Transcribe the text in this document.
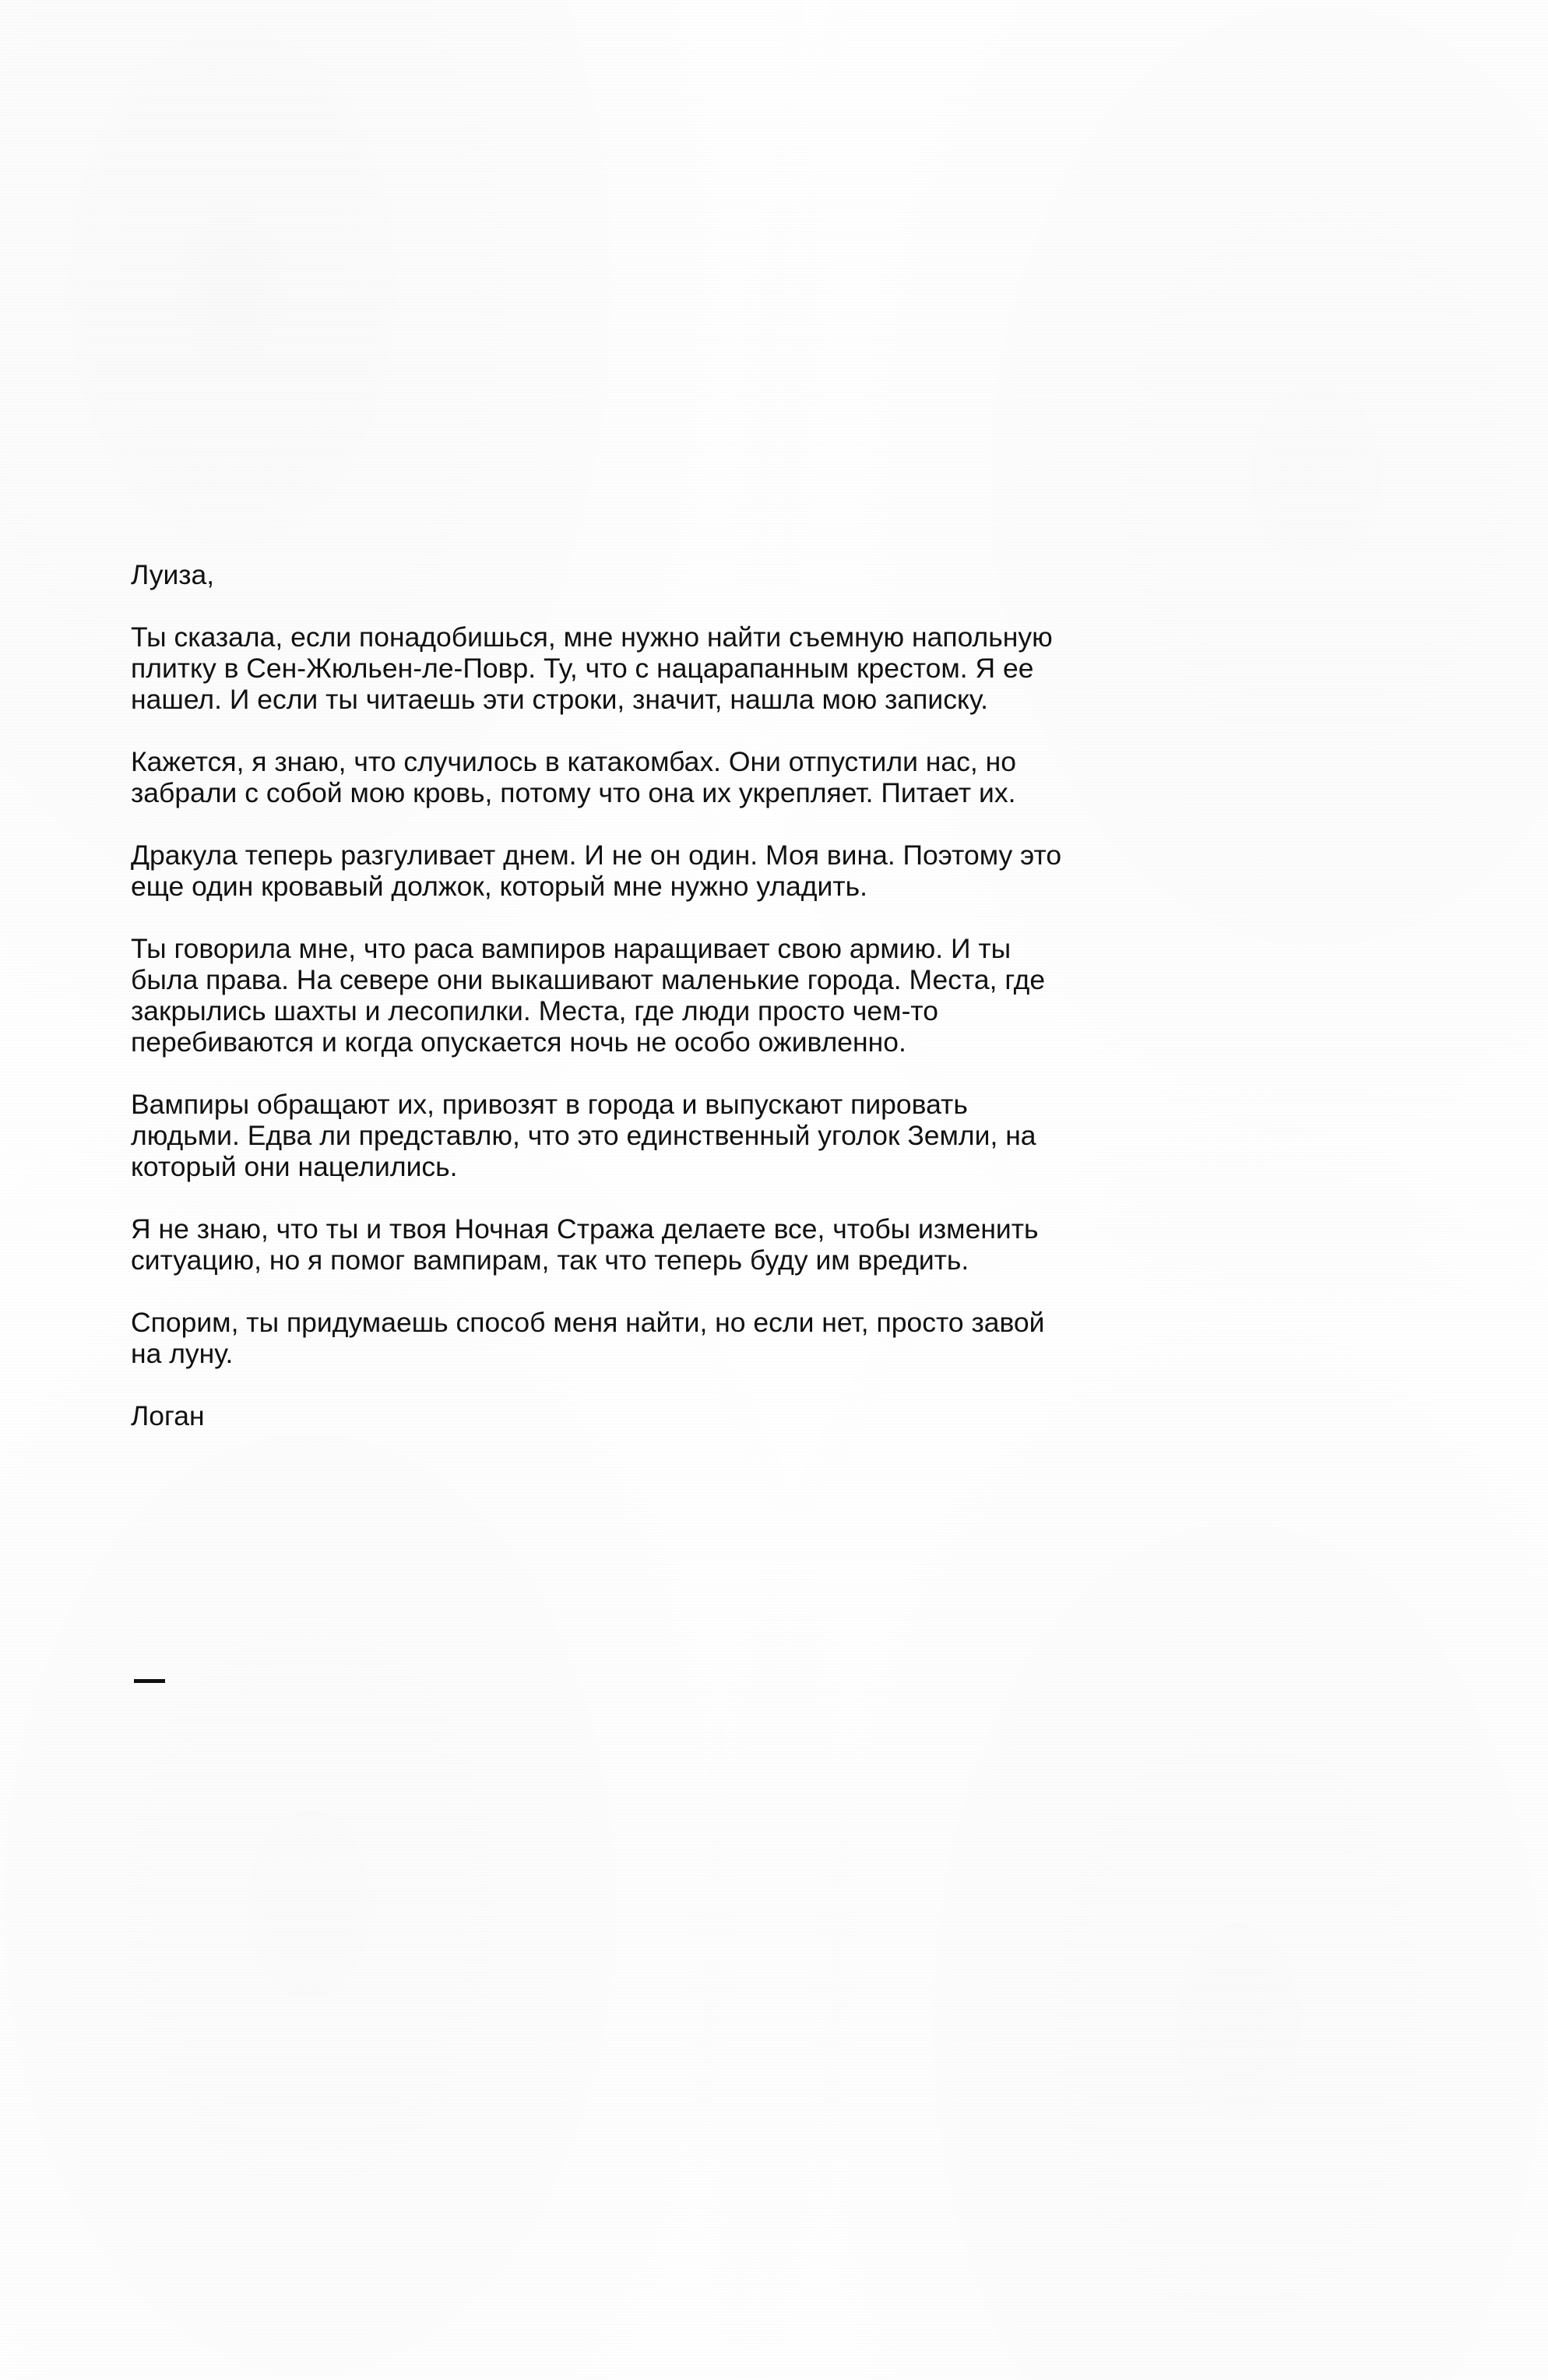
Луиза,

Ты сказала, если понадобишься, мне нужно найти съемную напольную
плитку в Сен-Жюльен-ле-Повр. Ту, что с нацарапанным крестом. Я ее
нашел. И если ты читаешь эти строки, значит, нашла мою записку.

Кажется, я знаю, что случилось в катакомбах. Они отпустили нас, но
забрали с собой мою кровь, потому что она их укрепляет. Питает их.

Дракула теперь разгуливает днем. И не он один. Моя вина. Поэтому это
еще один кровавый должок, который мне нужно уладить.

Ты говорила мне, что раса вампиров наращивает свою армию. И ты
была права. На севере они выкашивают маленькие города. Места, где
закрылись шахты и лесопилки. Места, где люди просто чем-то
перебиваются и когда опускается ночь не особо оживленно.

Вампиры обращают их, привозят в города и выпускают пировать
людьми. Едва ли представлю, что это единственный уголок Земли, на
который они нацелились.

Я не знаю, что ты и твоя Ночная Стража делаете все, чтобы изменить
ситуацию, но я помог вампирам, так что теперь буду им вредить.

Спорим, ты придумаешь способ меня найти, но если нет, просто завой
на луну.

Логан
